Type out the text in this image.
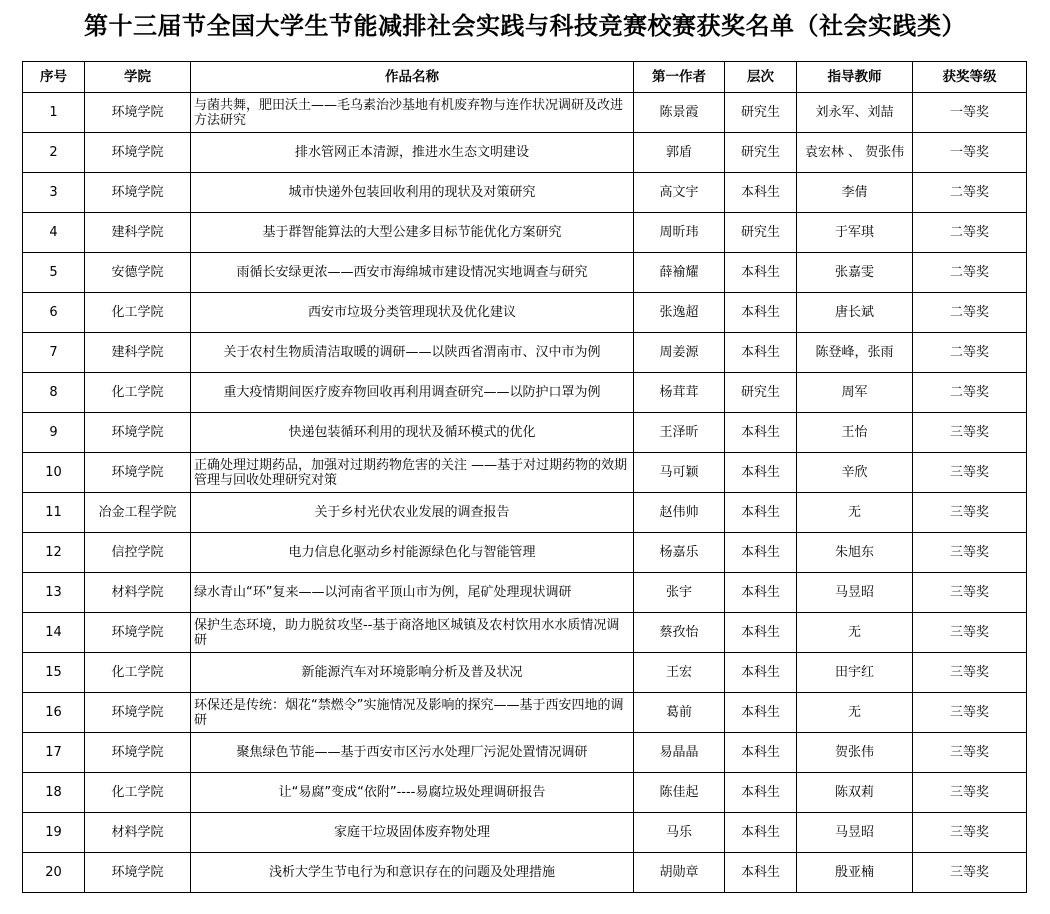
第十三届节全国大学生节能减排社会实践与科技竞赛校赛获奖名单（社会实践类）
序号	学院	作品名称	第一作者	层次	指导教师	获奖等级
1	环境学院	与菌共舞，肥田沃土——毛乌素治沙基地有机废弃物与连作状况调研及改进方法研究	陈景霞	研究生	刘永军、刘喆	一等奖
2	环境学院	排水管网正本清源，推进水生态文明建设	郭盾	研究生	袁宏林 、 贺张伟	一等奖
3	环境学院	城市快递外包装回收利用的现状及对策研究	高文宇	本科生	李倩	二等奖
4	建科学院	基于群智能算法的大型公建多目标节能优化方案研究	周昕玮	研究生	于军琪	二等奖
5	安德学院	雨循长安绿更浓——西安市海绵城市建设情况实地调查与研究	薛褕耀	本科生	张嘉雯	二等奖
6	化工学院	西安市垃圾分类管理现状及优化建议	张逸超	本科生	唐长斌	二等奖
7	建科学院	关于农村生物质清洁取暖的调研——以陕西省渭南市、汉中市为例	周姜源	本科生	陈登峰，张雨	二等奖
8	化工学院	重大疫情期间医疗废弃物回收再利用调查研究——以防护口罩为例	杨茸茸	研究生	周军	二等奖
9	环境学院	快递包装循环利用的现状及循环模式的优化	王泽昕	本科生	王怡	三等奖
10	环境学院	正确处理过期药品，加强对过期药物危害的关注 ——基于对过期药物的效期管理与回收处理研究对策	马可颖	本科生	辛欣	三等奖
11	冶金工程学院	关于乡村光伏农业发展的调查报告	赵伟帅	本科生	无	三等奖
12	信控学院	电力信息化驱动乡村能源绿色化与智能管理	杨嘉乐	本科生	朱旭东	三等奖
13	材料学院	绿水青山“环”复来——以河南省平顶山市为例，尾矿处理现状调研	张宇	本科生	马昱昭	三等奖
14	环境学院	保护生态环境，助力脱贫攻坚--基于商洛地区城镇及农村饮用水水质情况调研	蔡孜怡	本科生	无	三等奖
15	化工学院	新能源汽车对环境影响分析及普及状况	王宏	本科生	田宇红	三等奖
16	环境学院	环保还是传统：烟花“禁燃令”实施情况及影响的探究——基于西安四地的调研	葛前	本科生	无	三等奖
17	环境学院	聚焦绿色节能——基于西安市区污水处理厂污泥处置情况调研	易晶晶	本科生	贺张伟	三等奖
18	化工学院	让“易腐”变成“依附”----易腐垃圾处理调研报告	陈佳起	本科生	陈双莉	三等奖
19	材料学院	家庭干垃圾固体废弃物处理	马乐	本科生	马昱昭	三等奖
20	环境学院	浅析大学生节电行为和意识存在的问题及处理措施	胡勋章	本科生	殷亚楠	三等奖
